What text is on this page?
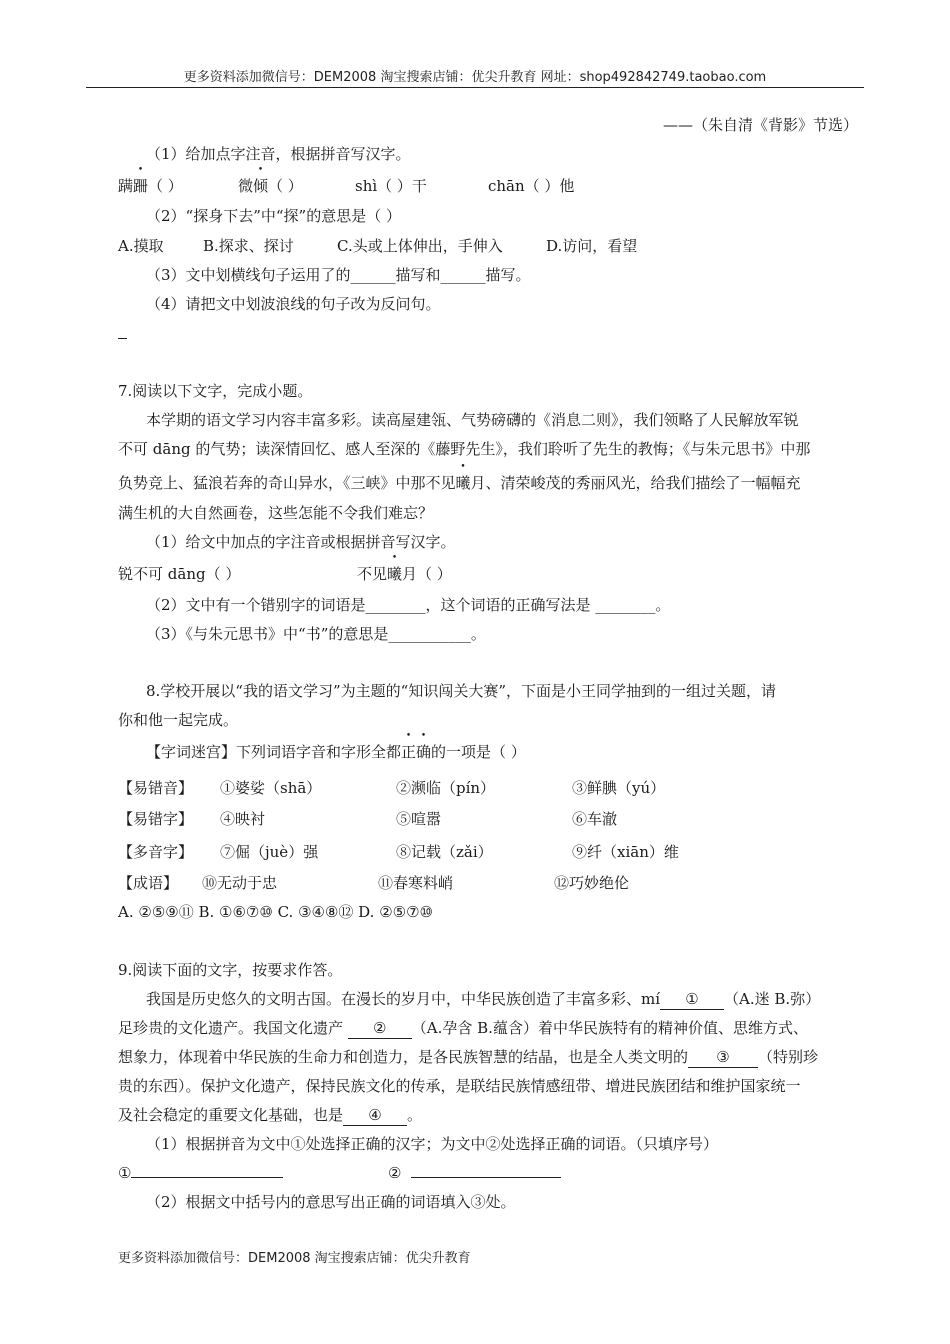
更多资料添加微信号：DEM2008 淘宝搜索店铺：优尖升教育 网址：shop492842749.taobao.com
——（朱自清《背影》节选）
（1）给加点字注音，根据拼音写汉字。
蹒跚（ ）	微倾（ ）	shì（ ）干	chān（ ）他
（2）“探身下去”中“探”的意思是（ ）
A.摸取	B.探求、探讨	C.头或上体伸出，手伸入	D.访问，看望
（3）文中划横线句子运用了的______描写和______描写。
（4）请把文中划波浪线的句子改为反问句。
7.阅读以下文字，完成小题。
本学期的语文学习内容丰富多彩。读高屋建瓴、气势磅礴的《消息二则》，我们领略了人民解放军锐
不可 dāng 的气势；读深情回忆、感人至深的《藤野先生》，我们聆听了先生的教悔；《与朱元思书》中那
负势竞上、猛浪若奔的奇山异水，《三峡》中那不见曦月、清荣峻茂的秀丽风光，给我们描绘了一幅幅充
满生机的大自然画卷，这些怎能不令我们难忘？
（1）给文中加点的字注音或根据拼音写汉字。
锐不可 dāng（ ）	不见曦月（ ）
（2）文中有一个错别字的词语是________，这个词语的正确写法是 ________。
（3）《与朱元思书》中“书”的意思是___________。
8.学校开展以“我的语文学习”为主题的“知识闯关大赛”，下面是小王同学抽到的一组过关题，请
你和他一起完成。
【字词迷宫】下列词语字音和字形全都正确的一项是（ ）
【易错音】 ①婆娑（shā）	②濒临（pín）	③鲜腆（yú）
【易错字】 ④映衬	⑤喧嚣	⑥车澈
【多音字】 ⑦倔（juè）强	⑧记载（zǎi）	⑨纤（xiān）维
【成语】 ⑩无动于忠	⑪春寒料峭	⑫巧妙绝伦
A. ②⑤⑨⑪ B. ①⑥⑦⑩ C. ③④⑧⑫ D. ②⑤⑦⑩
9.阅读下面的文字，按要求作答。
我国是历史悠久的文明古国。在漫长的岁月中，中华民族创造了丰富多彩、mí ① （A.迷 B.弥）
足珍贵的文化遗产。我国文化遗产 ② （A.孕含 B.蕴含）着中华民族特有的精神价值、思维方式、
想象力，体现着中华民族的生命力和创造力，是各民族智慧的结晶，也是全人类文明的 ③ （特别珍
贵的东西）。保护文化遗产，保持民族文化的传承，是联结民族情感纽带、增进民族团结和维护国家统一
及社会稳定的重要文化基础，也是 ④ 。
（1）根据拼音为文中①处选择正确的汉字；为文中②处选择正确的词语。（只填序号）
①	②
（2）根据文中括号内的意思写出正确的词语填入③处。
更多资料添加微信号：DEM2008 淘宝搜索店铺：优尖升教育
